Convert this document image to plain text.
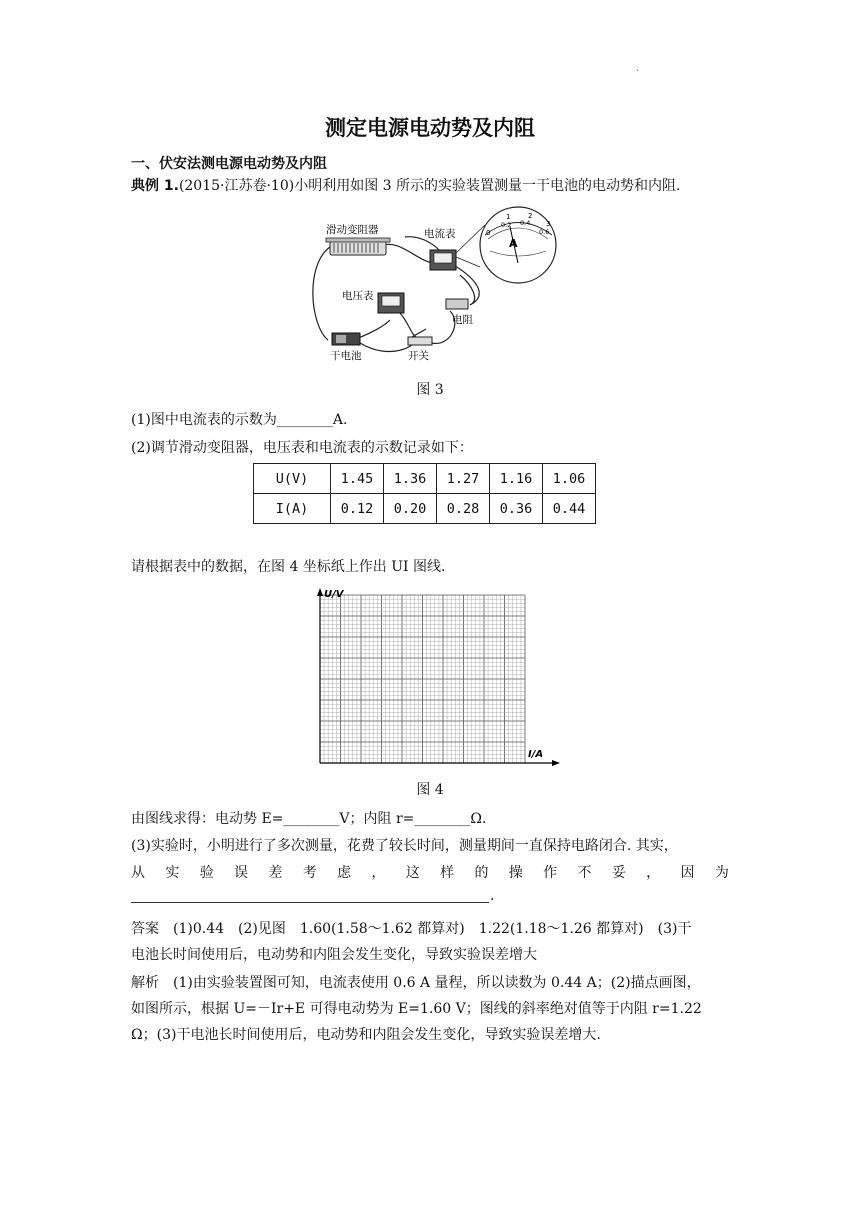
·
测定电源电动势及内阻
一、伏安法测电源电动势及内阻
典例 1.(2015·江苏卷·10)小明利用如图 3 所示的实验装置测量一干电池的电动势和内阻.
滑动变阻器	电流表	0
0.2 0.4
0.6
1	2
3
A
电压表
电阻
干电池	开关
图 3
(1)图中电流表的示数为________A.
(2)调节滑动变阻器，电压表和电流表的示数记录如下：
U(V)	1.45	1.36	1.27	1.16	1.06
I(A)	0.12	0.20	0.28	0.36	0.44
请根据表中的数据，在图 4 坐标纸上作出 UI 图线.
U/V
I/A
图 4
由图线求得：电动势 E=________V；内阻 r=________Ω.
(3)实验时，小明进行了多次测量，花费了较长时间，测量期间一直保持电路闭合. 其实，
从 实 验 误 差 考 虑 ， 这 样 的 操 作 不 妥 ， 因 为
.
答案　 (1)0.44　(2)见图　1.60(1.58～1.62 都算对)　1.22(1.18～1.26 都算对)　(3)干
电池长时间使用后，电动势和内阻会发生变化，导致实验误差增大
解析　 (1)由实验装置图可知，电流表使用 0.6 A 量程，所以读数为 0.44 A；(2)描点画图，
如图所示，根据 U=－Ir+E 可得电动势为 E=1.60 V；图线的斜率绝对值等于内阻 r=1.22
Ω；(3)干电池长时间使用后，电动势和内阻会发生变化，导致实验误差增大.
